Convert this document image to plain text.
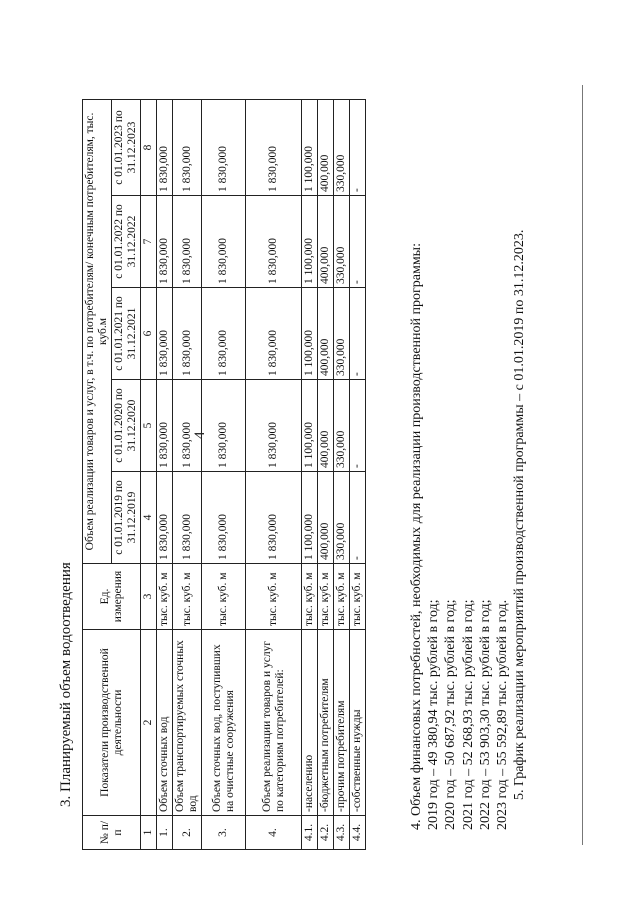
4
3. Планируемый объем водоотведения
№ п/п	Показатели производственной деятельности	Ед. измерения	Объем реализации товаров и услуг, в т.ч. по потребителям/ конечным потребителям, тыс. куб.м				
			с 01.01.2019 по 31.12.2019	с 01.01.2020 по 31.12.2020	с 01.01.2021 по 31.12.2021	с 01.01.2022 по 31.12.2022	с 01.01.2023 по 31.12.2023
1	2	3	4	5	6	7	8
1.	Объем сточных вод	тыс. куб. м	1 830,000	1 830,000	1 830,000	1 830,000	1 830,000
2.	Объем транспортируемых сточных вод	тыс. куб. м	1 830,000	1 830,000	1 830,000	1 830,000	1 830,000
3.	Объем сточных вод, поступивших на очистные сооружения	тыс. куб. м	1 830,000	1 830,000	1 830,000	1 830,000	1 830,000
4.	Объем реализации товаров и услуг по категориям потребителей:	тыс. куб. м	1 830,000	1 830,000	1 830,000	1 830,000	1 830,000
4.1.	-населению	тыс. куб. м	1 100,000	1 100,000	1 100,000	1 100,000	1 100,000
4.2.	-бюджетным потребителям	тыс. куб. м	400,000	400,000	400,000	400,000	400,000
4.3.	-прочим потребителям	тыс. куб. м	330,000	330,000	330,000	330,000	330,000
4.4.	-собственные нужды	тыс. куб. м	-	-	-	-	-
4. Объем финансовых потребностей, необходимых для реализации производственной программы: 2019 год – 49 380,94 тыс. рублей в год; 2020 год – 50 687,92 тыс. рублей в год; 2021 год – 52 268,93 тыс. рублей в год; 2022 год – 53 903,30 тыс. рублей в год; 2023 год – 55 592,89 тыс. рублей в год. 5. График реализации мероприятий производственной программы – с 01.01.2019 по 31.12.2023.
